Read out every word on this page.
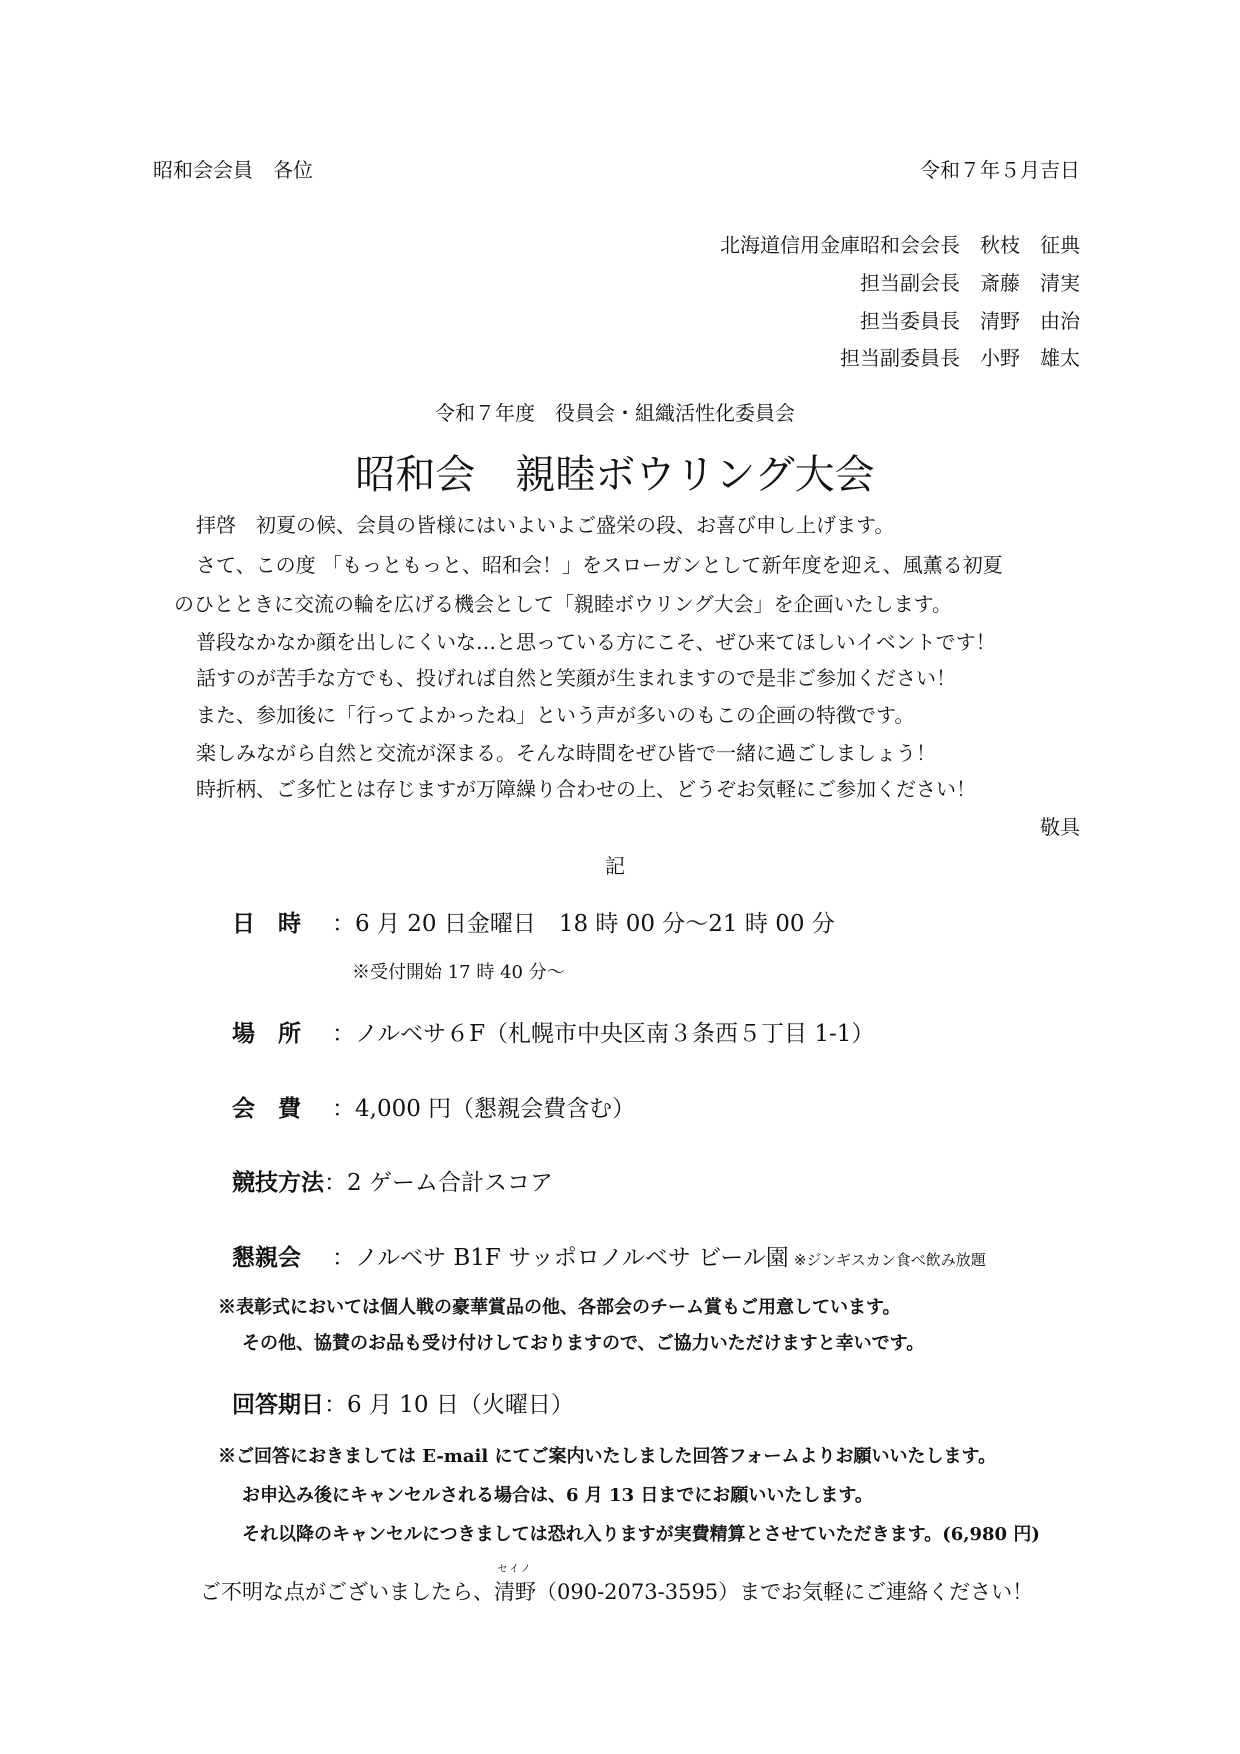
昭和会会員　各位	令和７年５月吉日
北海道信用金庫昭和会会長　秋枝　征典
担当副会長　斎藤　清実
担当委員長　清野　由治
担当副委員長　小野　雄太
令和７年度　役員会・組織活性化委員会
昭和会　親睦ボウリング大会
拝啓　初夏の候、会員の皆様にはいよいよご盛栄の段、お喜び申し上げます。
さて、この度 「もっともっと、昭和会！」をスローガンとして新年度を迎え、風薫る初夏
のひとときに交流の輪を広げる機会として「親睦ボウリング大会」を企画いたします。
普段なかなか顔を出しにくいな…と思っている方にこそ、ぜひ来てほしいイベントです！
話すのが苦手な方でも、投げれば自然と笑顔が生まれますので是非ご参加ください！
また、参加後に「行ってよかったね」という声が多いのもこの企画の特徴です。
楽しみながら自然と交流が深まる。そんな時間をぜひ皆で一緒に過ごしましょう！
時折柄、ご多忙とは存じますが万障繰り合わせの上、どうぞお気軽にご参加ください！
敬具
記
日　時 ：6 月 20 日金曜日　18 時 00 分～21 時 00 分
※受付開始 17 時 40 分～
場　所 ：ノルベサ６F（札幌市中央区南３条西５丁目 1-1）
会　費 ：4,000 円（懇親会費含む）
競技方法：2 ゲーム合計スコア
懇親会 ：ノルベサ B1F サッポロノルベサ ビール園 ※ジンギスカン食べ飲み放題
※表彰式においては個人戦の豪華賞品の他、各部会のチーム賞もご用意しています。
その他、協賛のお品も受け付けしておりますので、ご協力いただけますと幸いです。
回答期日：6 月 10 日（火曜日）
※ご回答におきましては E-mail にてご案内いたしました回答フォームよりお願いいたします。
お申込み後にキャンセルされる場合は、6 月 13 日までにお願いいたします。
それ以降のキャンセルにつきましては恐れ入りますが実費精算とさせていただきます。(6,980 円)
ご不明な点がございましたら、
セイノ
清野（090-2073-3595）までお気軽にご連絡ください！
